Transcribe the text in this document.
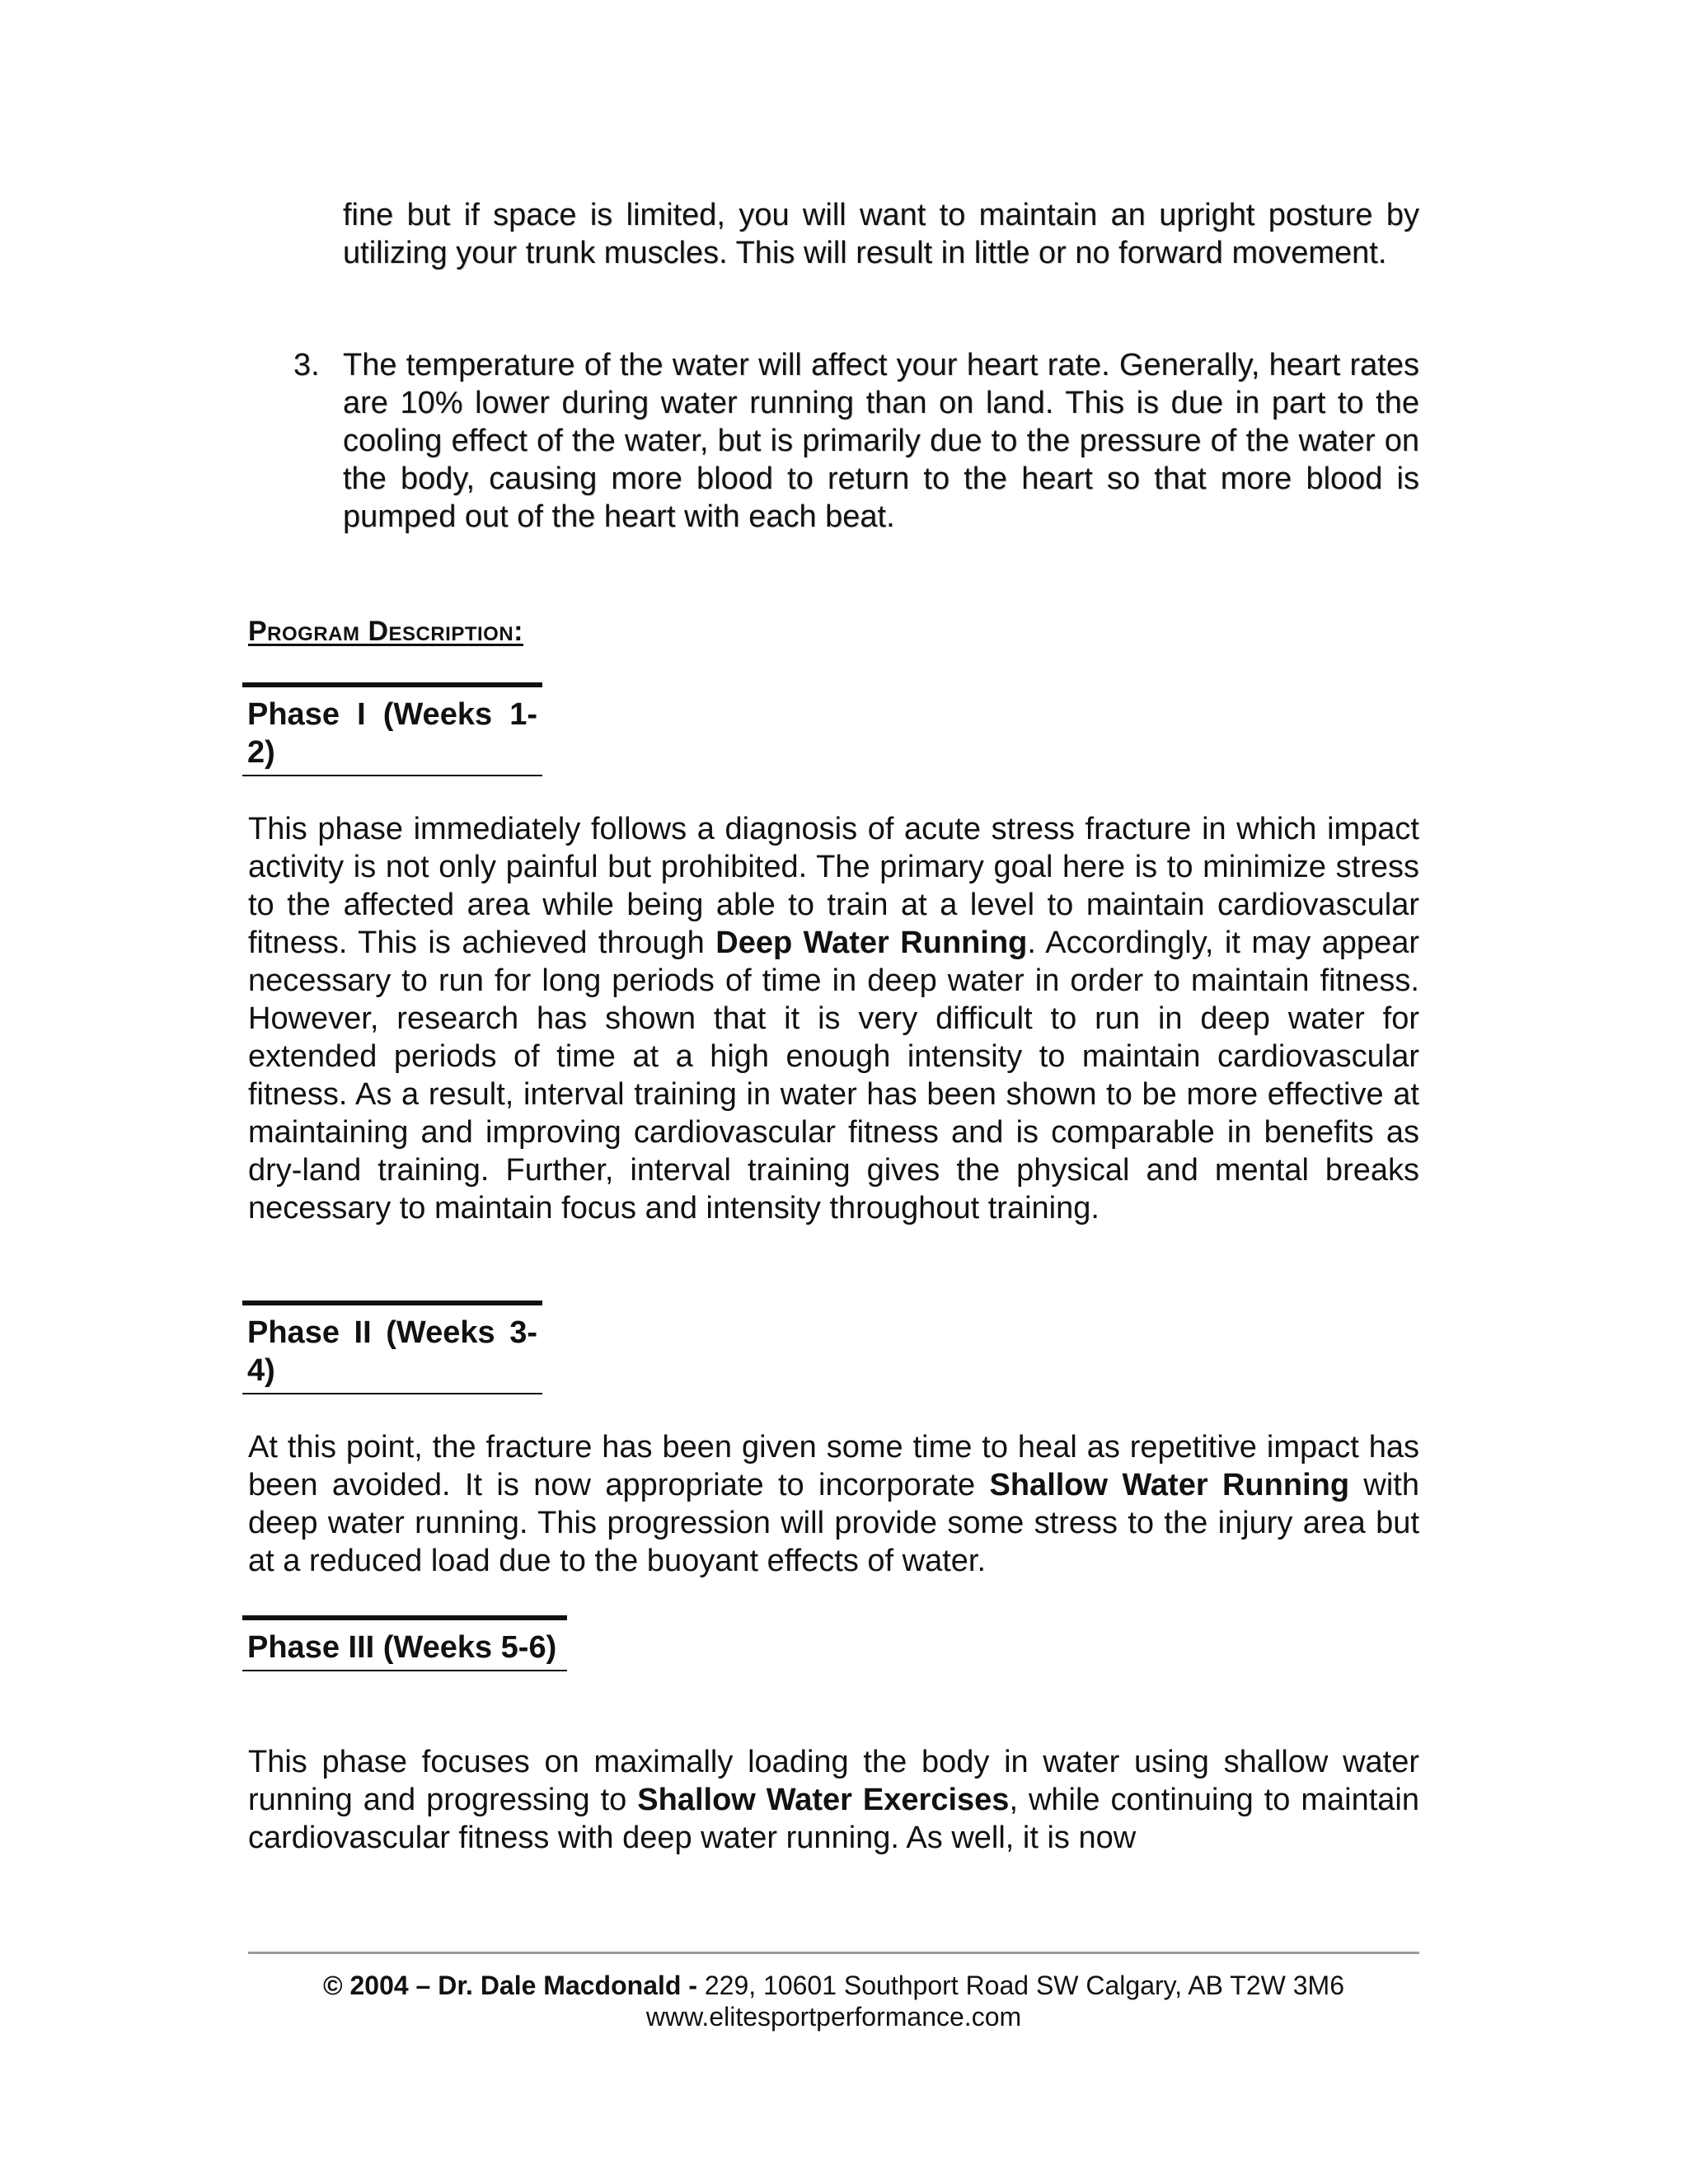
fine but if space is limited, you will want to maintain an upright posture by utilizing your trunk muscles. This will result in little or no forward movement.
3. The temperature of the water will affect your heart rate. Generally, heart rates are 10% lower during water running than on land. This is due in part to the cooling effect of the water, but is primarily due to the pressure of the water on the body, causing more blood to return to the heart so that more blood is pumped out of the heart with each beat.
Program Description:
Phase I (Weeks 1-2)
This phase immediately follows a diagnosis of acute stress fracture in which impact activity is not only painful but prohibited. The primary goal here is to minimize stress to the affected area while being able to train at a level to maintain cardiovascular fitness. This is achieved through Deep Water Running. Accordingly, it may appear necessary to run for long periods of time in deep water in order to maintain fitness. However, research has shown that it is very difficult to run in deep water for extended periods of time at a high enough intensity to maintain cardiovascular fitness. As a result, interval training in water has been shown to be more effective at maintaining and improving cardiovascular fitness and is comparable in benefits as dry-land training. Further, interval training gives the physical and mental breaks necessary to maintain focus and intensity throughout training.
Phase II (Weeks 3-4)
At this point, the fracture has been given some time to heal as repetitive impact has been avoided. It is now appropriate to incorporate Shallow Water Running with deep water running. This progression will provide some stress to the injury area but at a reduced load due to the buoyant effects of water.
Phase III (Weeks 5-6)
This phase focuses on maximally loading the body in water using shallow water running and progressing to Shallow Water Exercises, while continuing to maintain cardiovascular fitness with deep water running. As well, it is now
© 2004 – Dr. Dale Macdonald - 229, 10601 Southport Road SW Calgary, AB T2W 3M6
www.elitesportperformance.com
